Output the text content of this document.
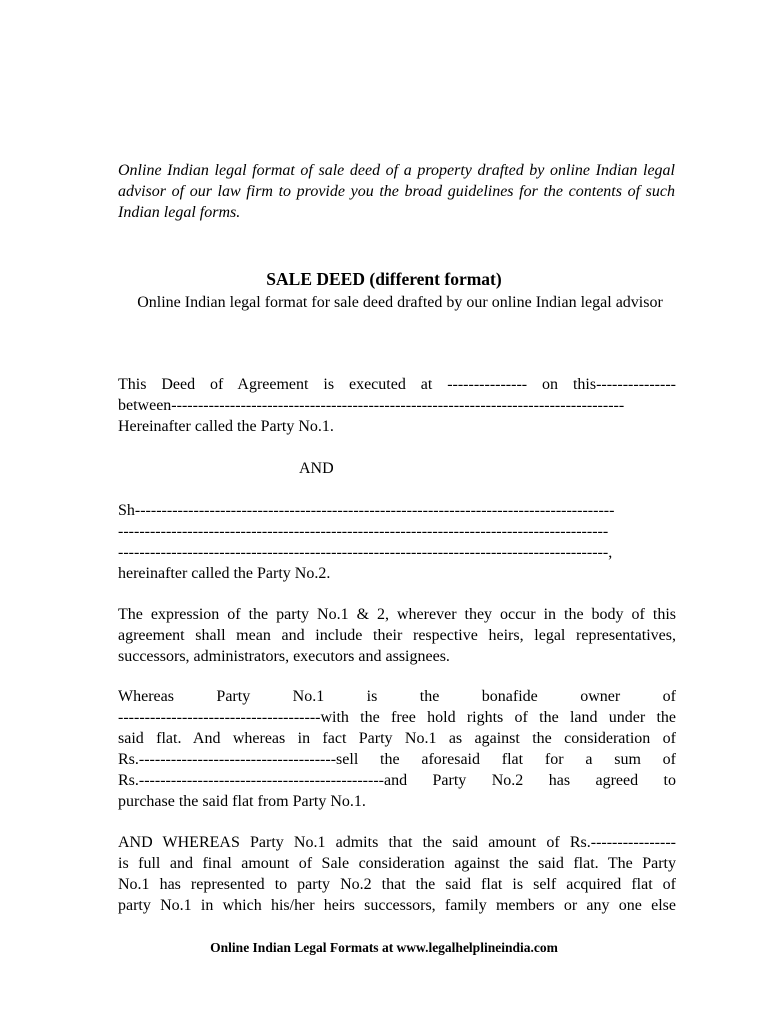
Online Indian legal format of sale deed of a property drafted by online Indian legal advisor of our law firm to provide you the broad guidelines for the contents of such Indian legal forms.
SALE DEED (different format)
Online Indian legal format for sale deed drafted by our online Indian legal advisor
This Deed of Agreement is executed at --------------- on this---------------
between-------------------------------------------------------------------------------------
Hereinafter called the Party No.1.
AND
Sh------------------------------------------------------------------------------------------
--------------------------------------------------------------------------------------------
--------------------------------------------------------------------------------------------,
hereinafter called the Party No.2.
The expression of the party No.1 & 2, wherever they occur in the body of this
agreement shall mean and include their respective heirs, legal representatives,
successors, administrators, executors and assignees.
Whereas Party No.1 is the bonafide owner of
--------------------------------------with the free hold rights of the land under the
said flat. And whereas in fact Party No.1 as against the consideration of
Rs.-------------------------------------sell the aforesaid flat for a sum of
Rs.----------------------------------------------and Party No.2 has agreed to
purchase the said flat from Party No.1.
AND WHEREAS Party No.1 admits that the said amount of Rs.----------------
is full and final amount of Sale consideration against the said flat. The Party
No.1 has represented to party No.2 that the said flat is self acquired flat of
party No.1 in which his/her heirs successors, family members or any one else
Online Indian Legal Formats at www.legalhelplineindia.com
